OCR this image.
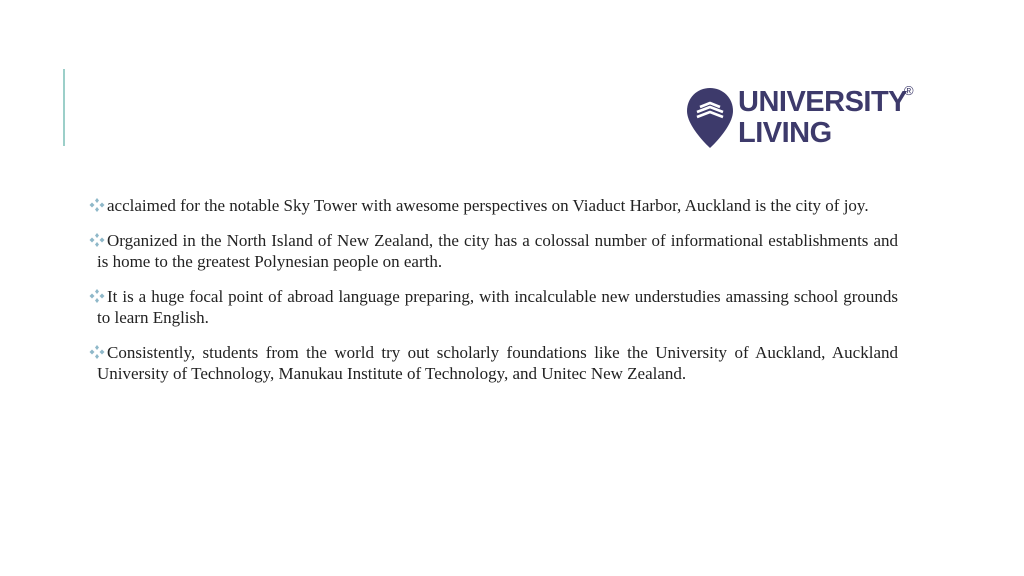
UNIVERSITY
LIVING
®

acclaimed for the notable Sky Tower with awesome perspectives on Viaduct Harbor, Auckland is the city of joy.

Organized in the North Island of New Zealand, the city has a colossal number of informational establishments and is home to the greatest Polynesian people on earth.

It is a huge focal point of abroad language preparing, with incalculable new understudies amassing school grounds to learn English.

Consistently, students from the world try out scholarly foundations like the University of Auckland, Auckland University of Technology, Manukau Institute of Technology, and Unitec New Zealand.
